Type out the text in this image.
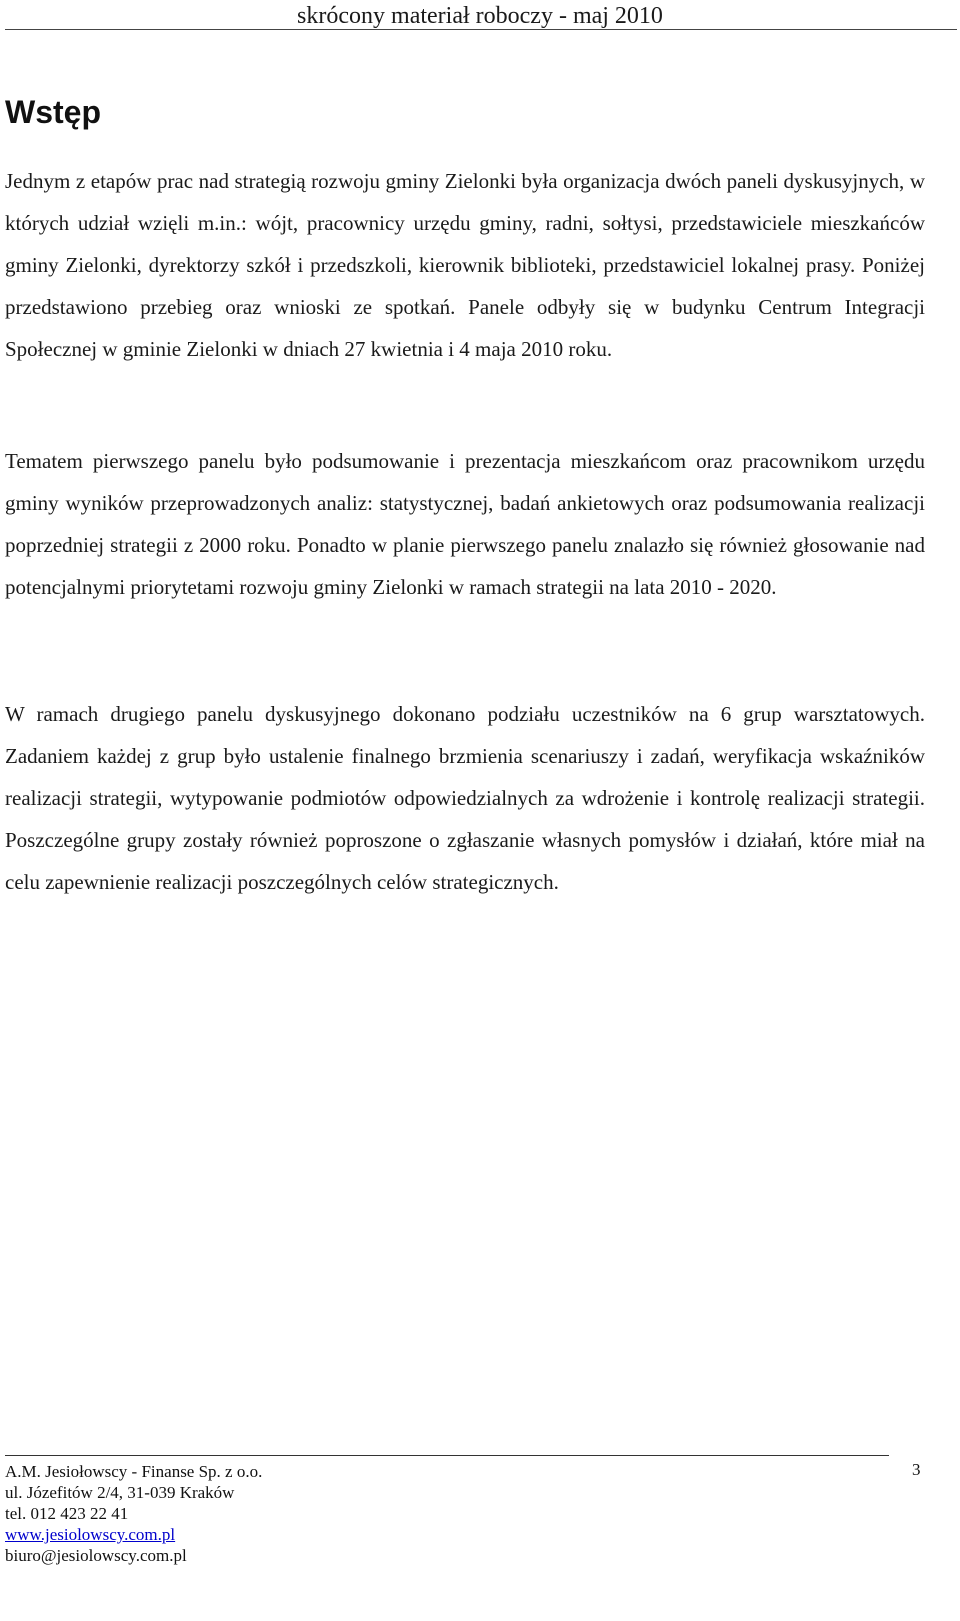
skrócony materiał roboczy - maj 2010
Wstęp

Jednym z etapów prac nad strategią rozwoju gminy Zielonki była organizacja dwóch paneli dyskusyjnych, w których udział wzięli m.in.: wójt, pracownicy urzędu gminy, radni, sołtysi, przedstawiciele mieszkańców gminy Zielonki, dyrektorzy szkół i przedszkoli, kierownik biblioteki, przedstawiciel lokalnej prasy. Poniżej przedstawiono przebieg oraz wnioski ze spotkań. Panele odbyły się w budynku Centrum Integracji Społecznej w gminie Zielonki w dniach 27 kwietnia i 4 maja 2010 roku.

Tematem pierwszego panelu było podsumowanie i prezentacja mieszkańcom oraz pracownikom urzędu gminy wyników przeprowadzonych analiz: statystycznej, badań ankietowych oraz podsumowania realizacji poprzedniej strategii z 2000 roku. Ponadto w planie pierwszego panelu znalazło się również głosowanie nad potencjalnymi priorytetami rozwoju gminy Zielonki w ramach strategii na lata 2010 - 2020.

W ramach drugiego panelu dyskusyjnego dokonano podziału uczestników na 6 grup warsztatowych. Zadaniem każdej z grup było ustalenie finalnego brzmienia scenariuszy i zadań, weryfikacja wskaźników realizacji strategii, wytypowanie podmiotów odpowiedzialnych za wdrożenie i kontrolę realizacji strategii. Poszczególne grupy zostały również poproszone o zgłaszanie własnych pomysłów i działań, które miał na celu zapewnienie realizacji poszczególnych celów strategicznych.

A.M. Jesiołowscy - Finanse Sp. z o.o.
ul. Józefitów 2/4, 31-039 Kraków
tel. 012 423 22 41
www.jesiolowscy.com.pl
biuro@jesiolowscy.com.pl
3
